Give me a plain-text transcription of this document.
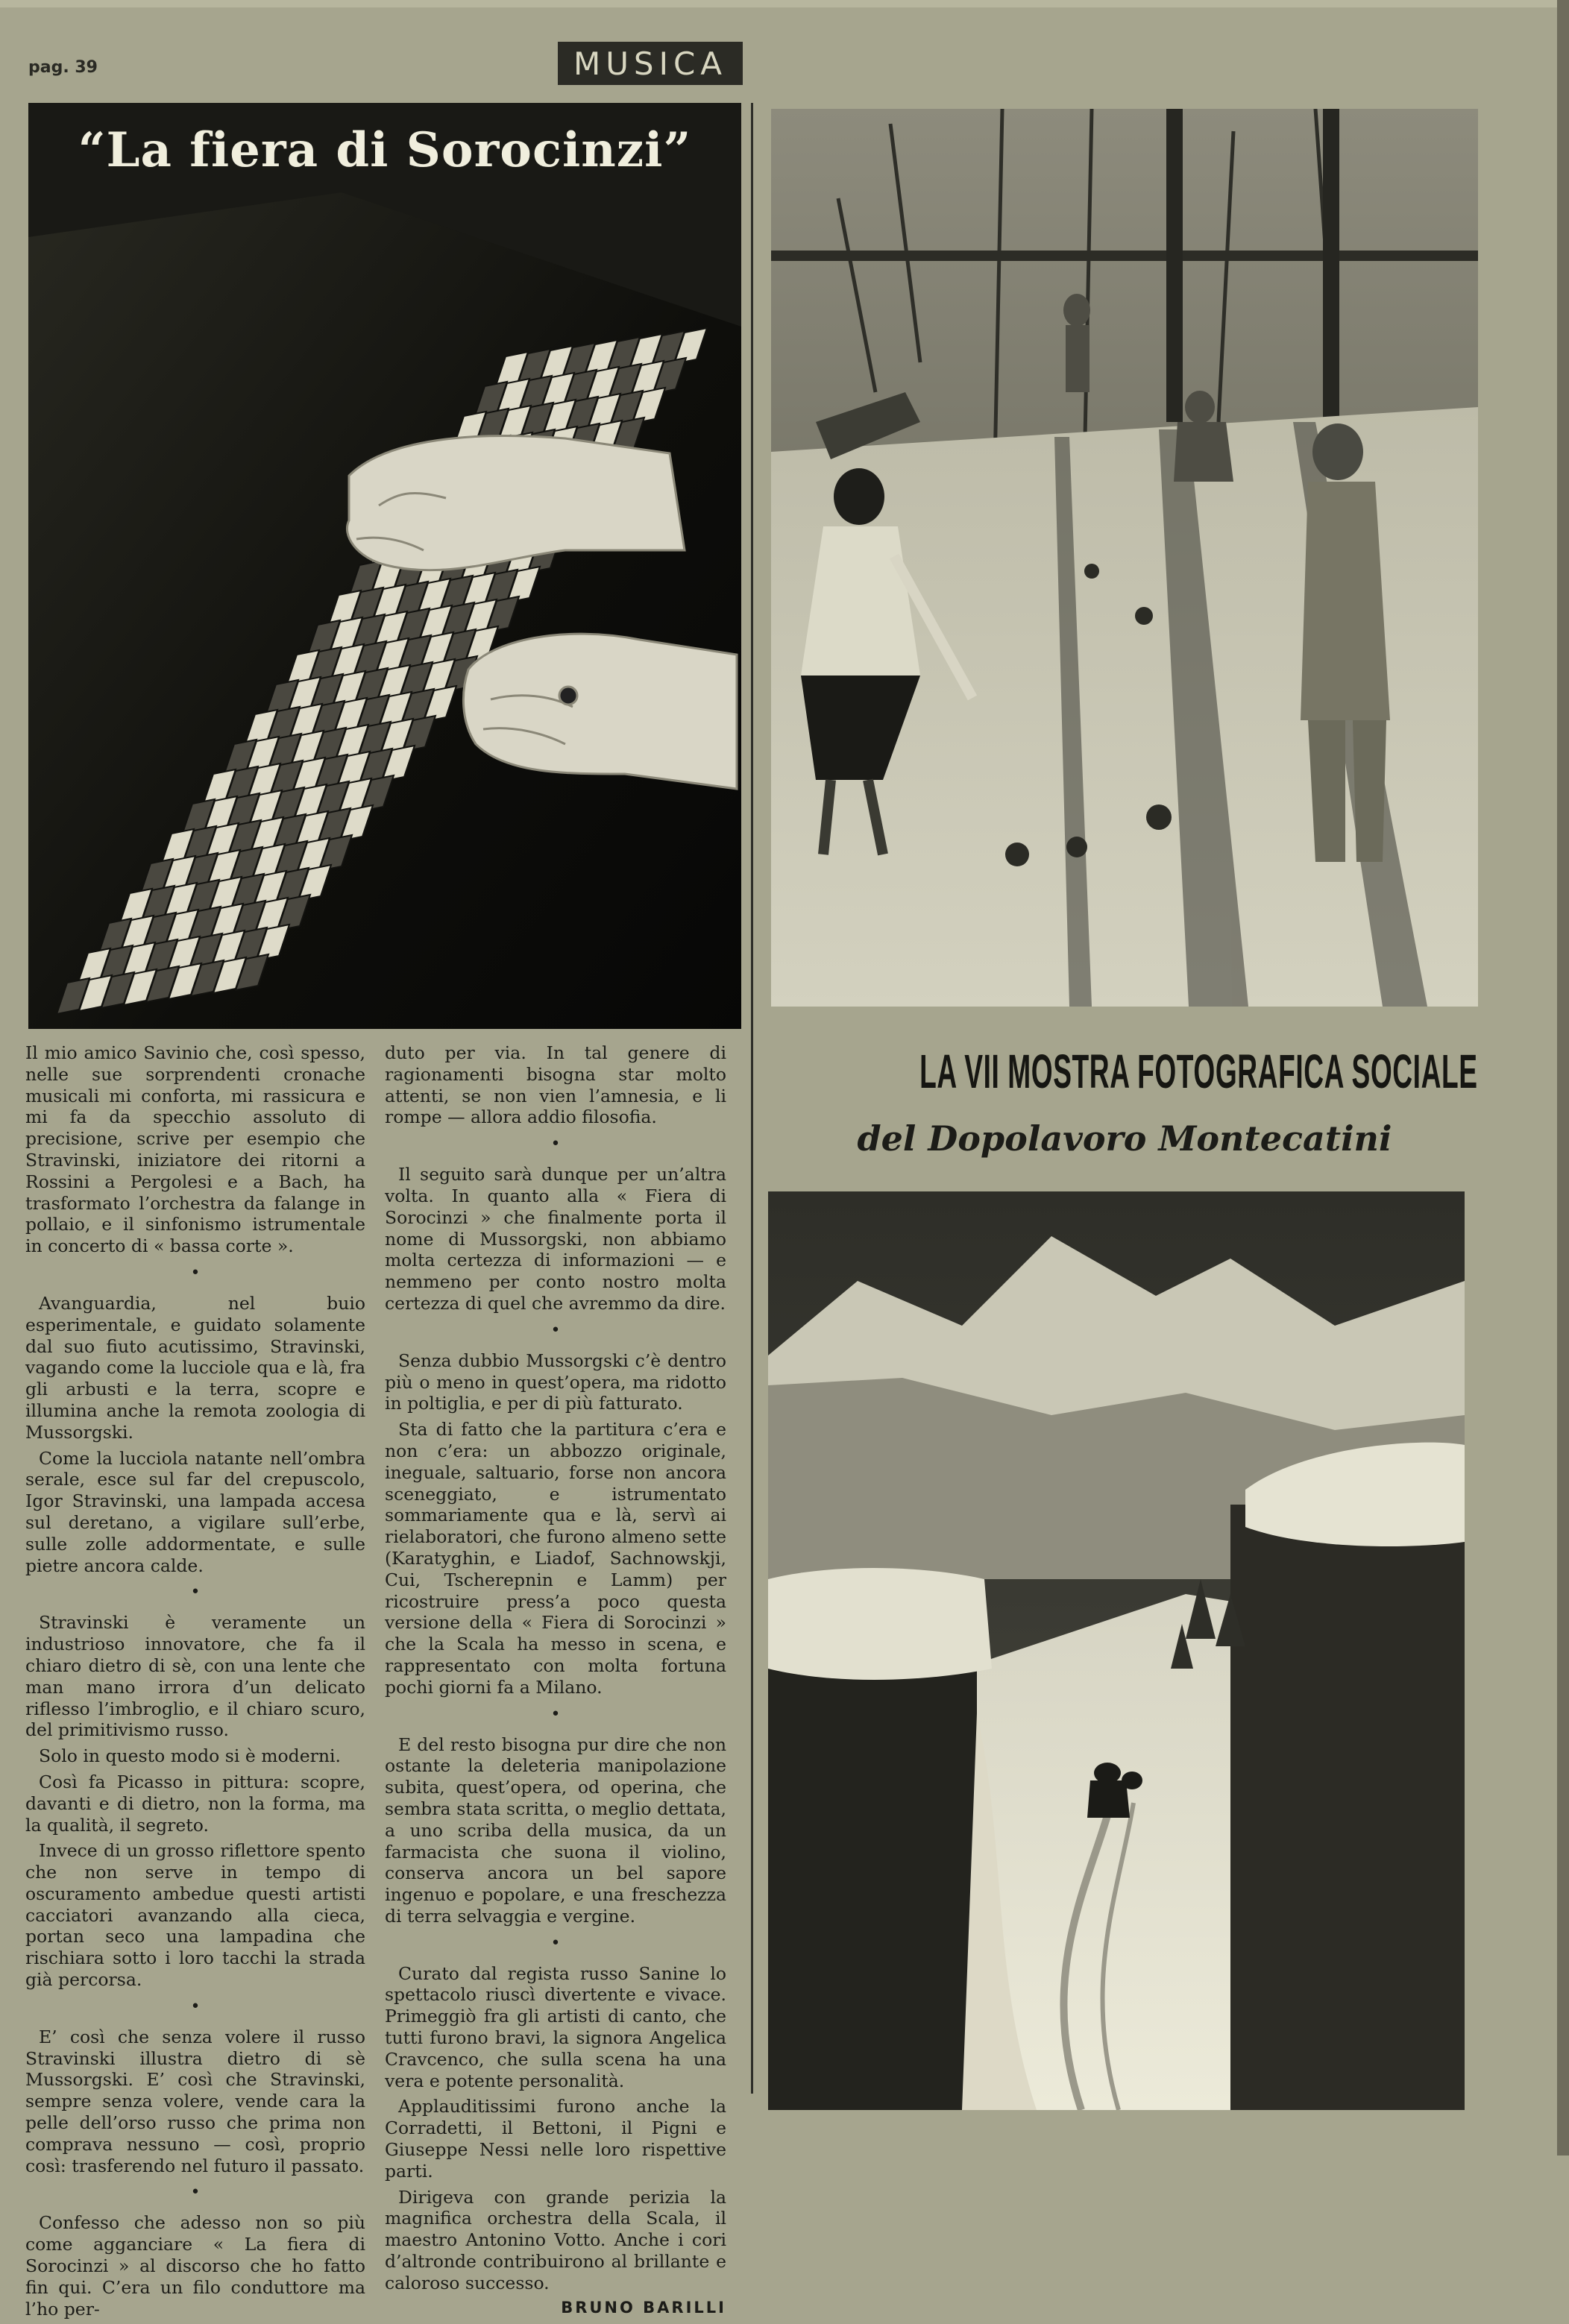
pag. 39	MUSICA
“La fiera di Sorocinzi”

Il mio amico Savinio che, così spesso, nelle sue sorprendenti cronache musicali mi conforta, mi rassicura e mi fa da specchio assoluto di precisione, scrive per esempio che Stravinski, iniziatore dei ritorni a Rossini a Pergolesi e a Bach, ha trasformato l’orchestra da falange in pollaio, e il sinfonismo istrumentale in concerto di « bassa corte ».

•

Avanguardia, nel buio esperimentale, e guidato solamente dal suo fiuto acutissimo, Stravinski, vagando come la lucciole qua e là, fra gli arbusti e la terra, scopre e illumina anche la remota zoologia di Mussorgski.

Come la lucciola natante nell’ombra serale, esce sul far del crepuscolo, Igor Stravinski, una lampada accesa sul deretano, a vigilare sull’erbe, sulle zolle addormentate, e sulle pietre ancora calde.

•

Stravinski è veramente un industrioso innovatore, che fa il chiaro dietro di sè, con una lente che man mano irrora d’un delicato riflesso l’imbroglio, e il chiaro scuro, del primitivismo russo.

Solo in questo modo si è moderni.

Così fa Picasso in pittura: scopre, davanti e di dietro, non la forma, ma la qualità, il segreto.

Invece di un grosso riflettore spento che non serve in tempo di oscuramento ambedue questi artisti cacciatori avanzando alla cieca, portan seco una lampadina che rischiara sotto i loro tacchi la strada già percorsa.

•

E’ così che senza volere il russo Stravinski illustra dietro di sè Mussorgski. E’ così che Stravinski, sempre senza volere, vende cara la pelle dell’orso russo che prima non comprava nessuno — così, proprio così: trasferendo nel futuro il passato.

•

Confesso che adesso non so più come agganciare « La fiera di Sorocinzi » al discorso che ho fatto fin qui. C’era un filo conduttore ma l’ho per-

duto per via. In tal genere di ragionamenti bisogna star molto attenti, se non vien l’amnesia, e li rompe — allora addio filosofia.

•

Il seguito sarà dunque per un’altra volta. In quanto alla « Fiera di Sorocinzi » che finalmente porta il nome di Mussorgski, non abbiamo molta certezza di informazioni — e nemmeno per conto nostro molta certezza di quel che avremmo da dire.

•

Senza dubbio Mussorgski c’è dentro più o meno in quest’opera, ma ridotto in poltiglia, e per di più fatturato.

Sta di fatto che la partitura c’era e non c’era: un abbozzo originale, ineguale, saltuario, forse non ancora sceneggiato, e istrumentato sommariamente qua e là, servì ai rielaboratori, che furono almeno sette (Karatyghin, e Liadof, Sachnowskji, Cui, Tscherepnin e Lamm) per ricostruire press’a poco questa versione della « Fiera di Sorocinzi » che la Scala ha messo in scena, e rappresentato con molta fortuna pochi giorni fa a Milano.

•

E del resto bisogna pur dire che non ostante la deleteria manipolazione subita, quest’opera, od operina, che sembra stata scritta, o meglio dettata, a uno scriba della musica, da un farmacista che suona il violino, conserva ancora un bel sapore ingenuo e popolare, e una freschezza di terra selvaggia e vergine.

•

Curato dal regista russo Sanine lo spettacolo riuscì divertente e vivace. Primeggiò fra gli artisti di canto, che tutti furono bravi, la signora Angelica Cravcenco, che sulla scena ha una vera e potente personalità.

Applauditissimi furono anche la Corradetti, il Bettoni, il Pigni e Giuseppe Nessi nelle loro rispettive parti.

Dirigeva con grande perizia la magnifica orchestra della Scala, il maestro Antonino Votto. Anche i cori d’altronde contribuirono al brillante e caloroso successo.

BRUNO BARILLI
LA VII MOSTRA FOTOGRAFICA SOCIALE
del Dopolavoro Montecatini
